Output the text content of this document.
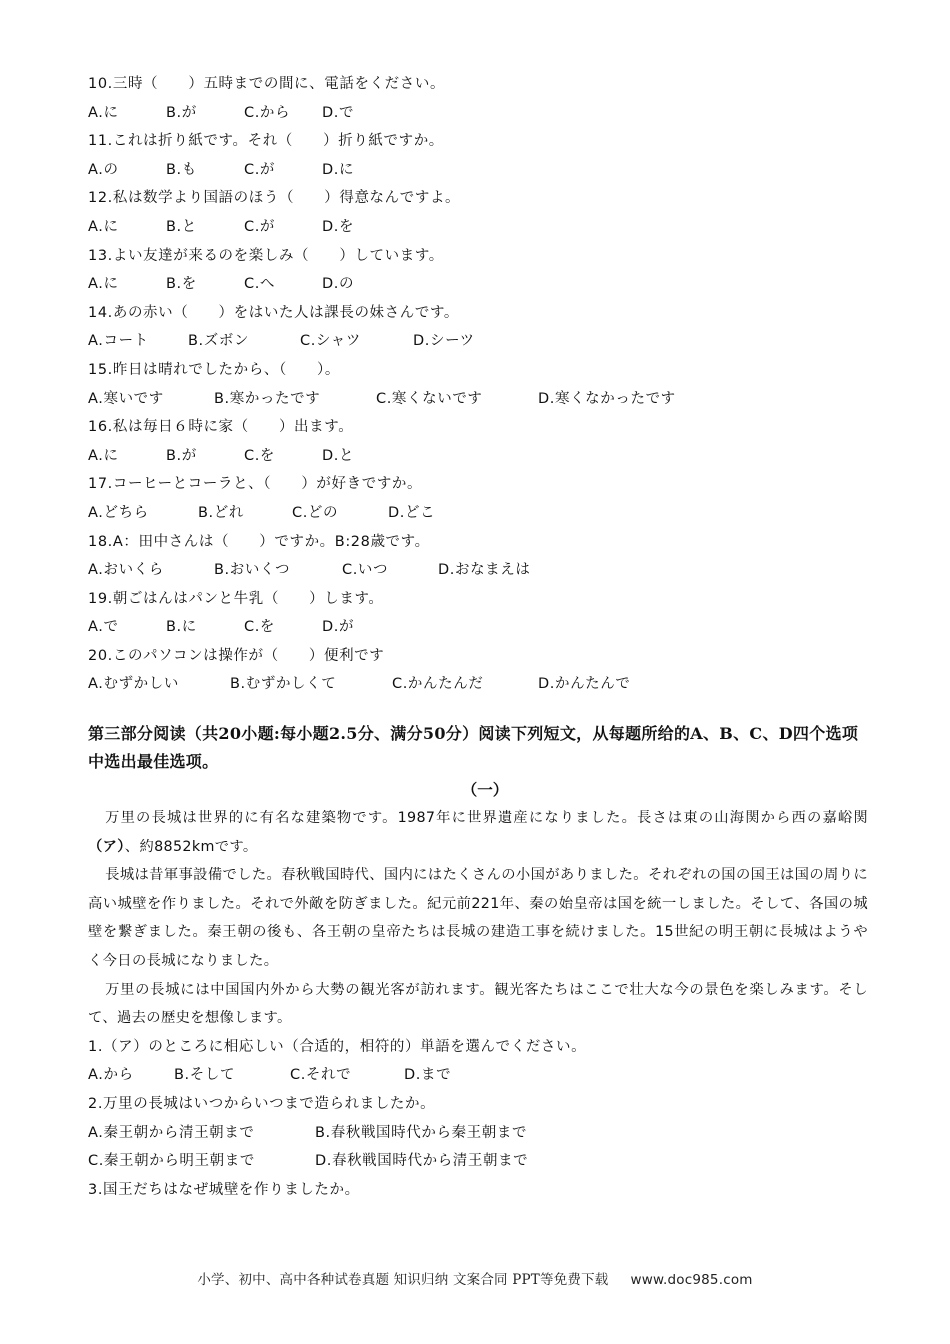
10.三時（　　）五時までの間に、電話をください。
A.に	B.が	C.から	D.で
11.これは折り紙です。それ（　　）折り紙ですか。
A.の	B.も	C.が	D.に
12.私は数学より国語のほう（　　）得意なんですよ。
A.に	B.と	C.が	D.を
13.よい友達が来るのを楽しみ（　　）しています。
A.に	B.を	C.へ	D.の
14.あの赤い（　　）をはいた人は課長の妹さんです。
A.コート	B.ズボン	C.シャツ	D.シーツ
15.昨日は晴れでしたから、（　　）。
A.寒いです	B.寒かったです	C.寒くないです	D.寒くなかったです
16.私は毎日６時に家（　　）出ます。
A.に	B.が	C.を	D.と
17.コーヒーとコーラと、（　　）が好きですか。
A.どちら	B.どれ	C.どの	D.どこ
18.A：田中さんは（　　）ですか。B:28歳です。
A.おいくら	B.おいくつ	C.いつ	D.おなまえは
19.朝ごはんはパンと牛乳（　　）します。
A.で	B.に	C.を	D.が
20.このパソコンは操作が（　　）便利です
A.むずかしい	B.むずかしくて	C.かんたんだ	D.かんたんで
第三部分阅读（共20小题:每小题2.5分、满分50分）阅读下列短文，从每题所给的A、B、C、D四个选项中选出最佳选项。
（一）
万里の長城は世界的に有名な建築物です。1987年に世界遺産になりました。長さは東の山海関から西の嘉峪関（ア）、約8852kmです。
長城は昔軍事設備でした。春秋戦国時代、国内にはたくさんの小国がありました。それぞれの国の国王は国の周りに高い城壁を作りました。それで外敵を防ぎました。紀元前221年、秦の始皇帝は国を統一しました。そして、各国の城壁を繋ぎました。秦王朝の後も、各王朝の皇帝たちは長城の建造工事を続けました。15世紀の明王朝に長城はようやく今日の長城になりました。
万里の長城には中国国内外から大勢の観光客が訪れます。観光客たちはここで壮大な今の景色を楽しみます。そして、過去の歴史を想像します。
1.（ア）のところに相応しい（合适的，相符的）単語を選んでください。
A.から	B.そして	C.それで	D.まで
2.万里の長城はいつからいつまで造られましたか。
A.秦王朝から清王朝まで	B.春秋戦国時代から秦王朝まで
C.秦王朝から明王朝まで	D.春秋戦国時代から清王朝まで
3.国王だちはなぜ城壁を作りましたか。
小学、初中、高中各种试卷真题 知识归纳 文案合同 PPT等免费下载 www.doc985.com
